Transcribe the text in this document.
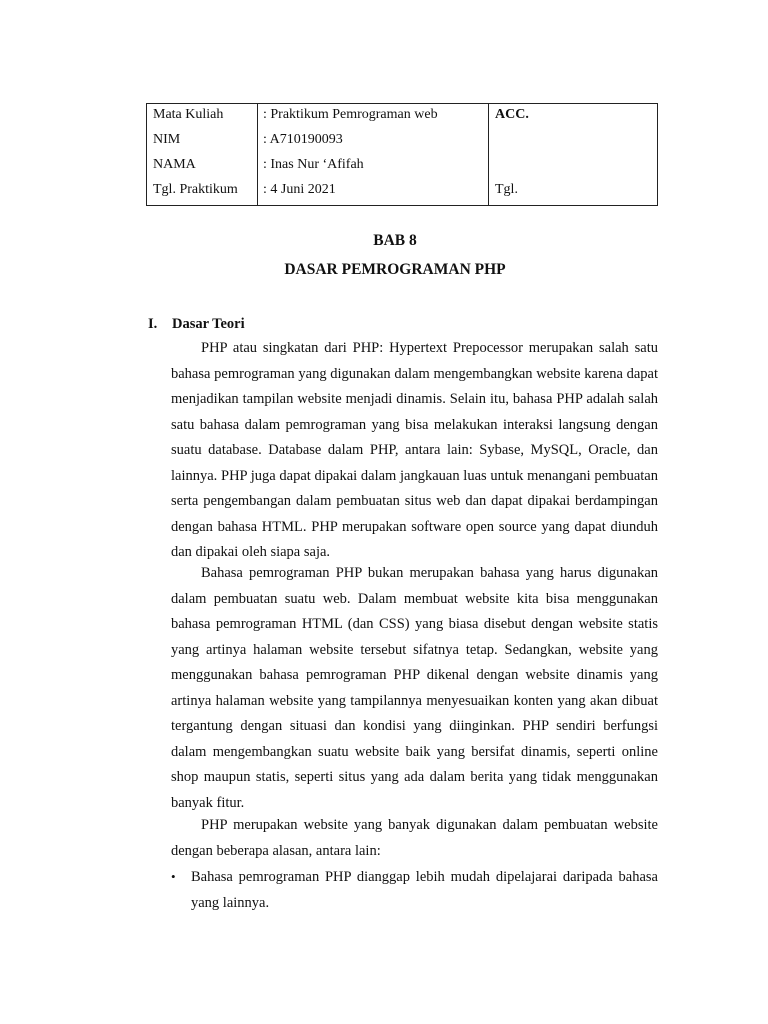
Mata Kuliah
NIM
NAMA
Tgl. Praktikum
: Praktikum Pemrograman web
: A710190093
: Inas Nur ‘Afifah
: 4 Juni 2021
ACC.
Tgl.
BAB 8
DASAR PEMROGRAMAN PHP
I. Dasar Teori

PHP atau singkatan dari PHP: Hypertext Prepocessor merupakan salah satu bahasa pemrograman yang digunakan dalam mengembangkan website karena dapat menjadikan tampilan website menjadi dinamis. Selain itu, bahasa PHP adalah salah satu bahasa dalam pemrograman yang bisa melakukan interaksi langsung dengan suatu database. Database dalam PHP, antara lain: Sybase, MySQL, Oracle, dan lainnya. PHP juga dapat dipakai dalam jangkauan luas untuk menangani pembuatan serta pengembangan dalam pembuatan situs web dan dapat dipakai berdampingan dengan bahasa HTML. PHP merupakan software open source yang dapat diunduh dan dipakai oleh siapa saja.

Bahasa pemrograman PHP bukan merupakan bahasa yang harus digunakan dalam pembuatan suatu web. Dalam membuat website kita bisa menggunakan bahasa pemrograman HTML (dan CSS) yang biasa disebut dengan website statis yang artinya halaman website tersebut sifatnya tetap. Sedangkan, website yang menggunakan bahasa pemrograman PHP dikenal dengan website dinamis yang artinya halaman website yang tampilannya menyesuaikan konten yang akan dibuat tergantung dengan situasi dan kondisi yang diinginkan. PHP sendiri berfungsi dalam mengembangkan suatu website baik yang bersifat dinamis, seperti online shop maupun statis, seperti situs yang ada dalam berita yang tidak menggunakan banyak fitur.

PHP merupakan website yang banyak digunakan dalam pembuatan website dengan beberapa alasan, antara lain:

•	Bahasa pemrograman PHP dianggap lebih mudah dipelajarai daripada bahasa yang lainnya.
